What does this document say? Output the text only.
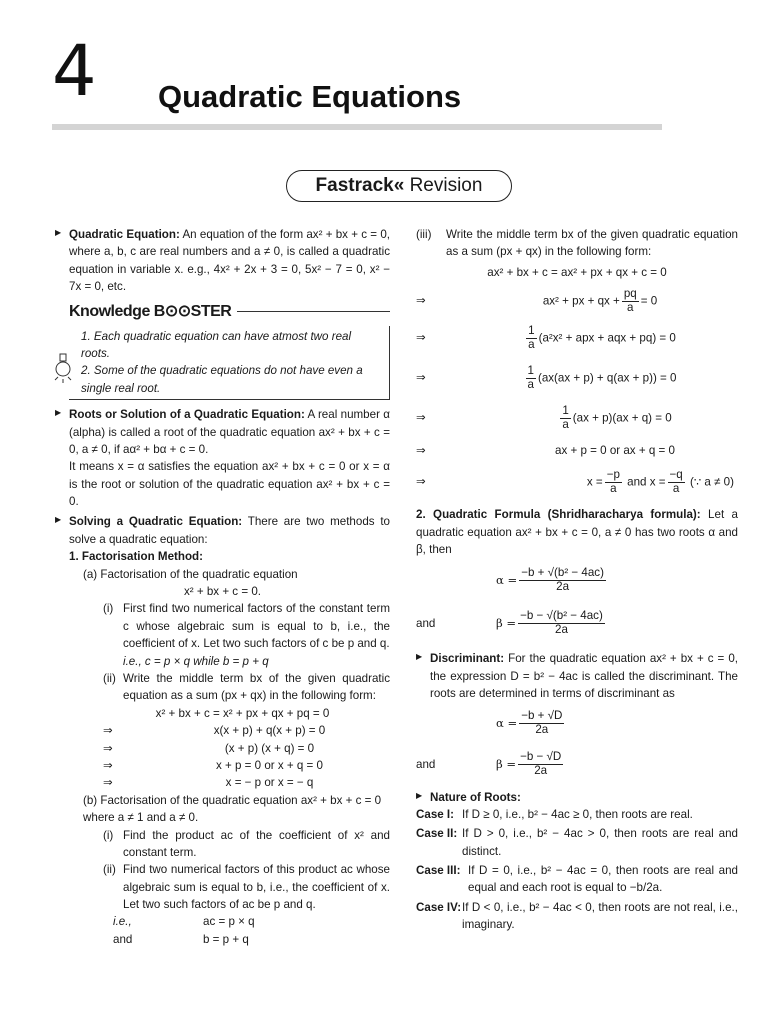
4 Quadratic Equations
Fastrack« Revision

▶ Quadratic Equation: An equation of the form ax² + bx + c = 0, where a, b, c are real numbers and a ≠ 0, is called a quadratic equation in variable x. e.g., 4x² + 2x + 3 = 0, 5x² − 7 = 0, x² − 7x = 0, etc.

Knowledge B⊙⊙STER

1. Each quadratic equation can have atmost two real roots.

2. Some of the quadratic equations do not have even a single real root.

▶ Roots or Solution of a Quadratic Equation: A real number α (alpha) is called a root of the quadratic equation ax² + bx + c = 0, a ≠ 0, if aα² + bα + c = 0.

It means x = α satisfies the equation ax² + bx + c = 0 or x = α is the root or solution of the quadratic equation ax² + bx + c = 0.

▶ Solving a Quadratic Equation: There are two methods to solve a quadratic equation:

1. Factorisation Method:

(a) Factorisation of the quadratic equation

x² + bx + c = 0.

(i) First find two numerical factors of the constant term c whose algebraic sum is equal to b, i.e., the coefficient of x. Let two such factors of c be p and q.

i.e., c = p × q while b = p + q

(ii) Write the middle term bx of the given quadratic equation as a sum (px + qx) in the following form:

x² + bx + c = x² + px + qx + pq = 0

⇒	x(x + p) + q(x + p) = 0
⇒	(x + p) (x + q) = 0
⇒	x + p = 0 or x + q = 0
⇒	x = − p or x = − q

(b) Factorisation of the quadratic equation ax² + bx + c = 0 where a ≠ 1 and a ≠ 0.

(i) Find the product ac of the coefficient of x² and constant term.
(ii) Find two numerical factors of this product ac whose algebraic sum is equal to b, i.e., the coefficient of x. Let two such factors of ac be p and q.
i.e.,	ac = p × q
and	b = p + q
(iii)	Write the middle term bx of the given quadratic equation as a sum (px + qx) in the following form:

ax² + bx + c = ax² + px + qx + c = 0

⇒	ax² + px + qx + $\frac{pq}{a} = 0$
⇒	$\frac{1}{a} (a^2x^2$ + apx + aqx + pq) = 0
⇒	$\frac{1}{a} (ax(ax + p) + q(ax + p)) = 0$
⇒	$\frac{1}{a} (ax + p)(ax + q) = 0$
⇒	ax + p = 0 or ax + q = 0
⇒	$x = \frac{-p}{a}$ and $x = \frac{-q}{a}$ (∵ a ≠ 0)

2. Quadratic Formula (Shridharacharya formula): Let a quadratic equation ax² + bx + c = 0, a ≠ 0 has two roots α and β, then

$\alpha = \frac{\text{−b + √(b² − 4ac)}}{2a}$
and	$\beta = \frac{\text{−b − √(b² − 4ac)}}{2a}$

▶ Discriminant: For the quadratic equation ax² + bx + c = 0, the expression D = b² − 4ac is called the discriminant. The roots are determined in terms of discriminant as

$\alpha = \frac{-b + √D}{2a}$
and	$\beta = \frac{-b - √D}{2a}$

▶ Nature of Roots:

Case I: If D ≥ 0, i.e., b² − 4ac ≥ 0, then roots are real.
Case II: If D > 0, i.e., b² − 4ac > 0, then roots are real and distinct.
Case III: If D = 0, i.e., b² − 4ac = 0, then roots are real and equal and each root is equal to −b/2a.
Case IV: If D < 0, i.e., b² − 4ac < 0, then roots are not real, i.e., imaginary.
